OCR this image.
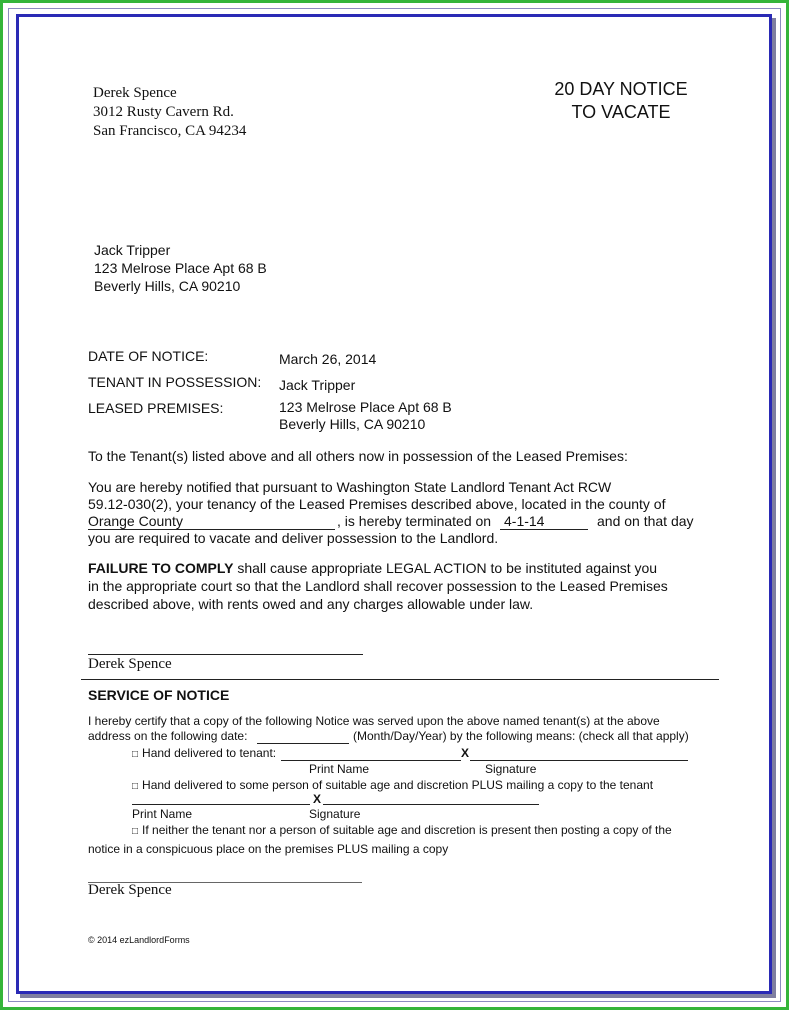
Derek Spence
3012 Rusty Cavern Rd.
San Francisco, CA 94234
20 DAY NOTICE
TO VACATE
Jack Tripper
123 Melrose Place Apt 68 B
Beverly Hills, CA 90210
DATE OF NOTICE:	March 26, 2014
TENANT IN POSSESSION: Jack Tripper
LEASED PREMISES:	123 Melrose Place Apt 68 B
Beverly Hills, CA 90210
To the Tenant(s) listed above and all others now in possession of the Leased Premises:
You are hereby notified that pursuant to Washington State Landlord Tenant Act RCW
59.12-030(2), your tenancy of the Leased Premises described above, located in the county of
Orange County	, is hereby terminated on 4-1-14	and on that day
you are required to vacate and deliver possession to the Landlord.
FAILURE TO COMPLY shall cause appropriate LEGAL ACTION to be instituted against you
in the appropriate court so that the Landlord shall recover possession to the Leased Premises
described above, with rents owed and any charges allowable under law.
Derek Spence
SERVICE OF NOTICE
I hereby certify that a copy of the following Notice was served upon the above named tenant(s) at the above
address on the following date:	(Month/Day/Year) by the following means: (check all that apply)
□ Hand delivered to tenant:	X
Print Name	Signature
□ Hand delivered to some person of suitable age and discretion PLUS mailing a copy to the tenant
X
Print Name	Signature
□ If neither the tenant nor a person of suitable age and discretion is present then posting a copy of the
notice in a conspicuous place on the premises PLUS mailing a copy
Derek Spence
© 2014 ezLandlordForms
